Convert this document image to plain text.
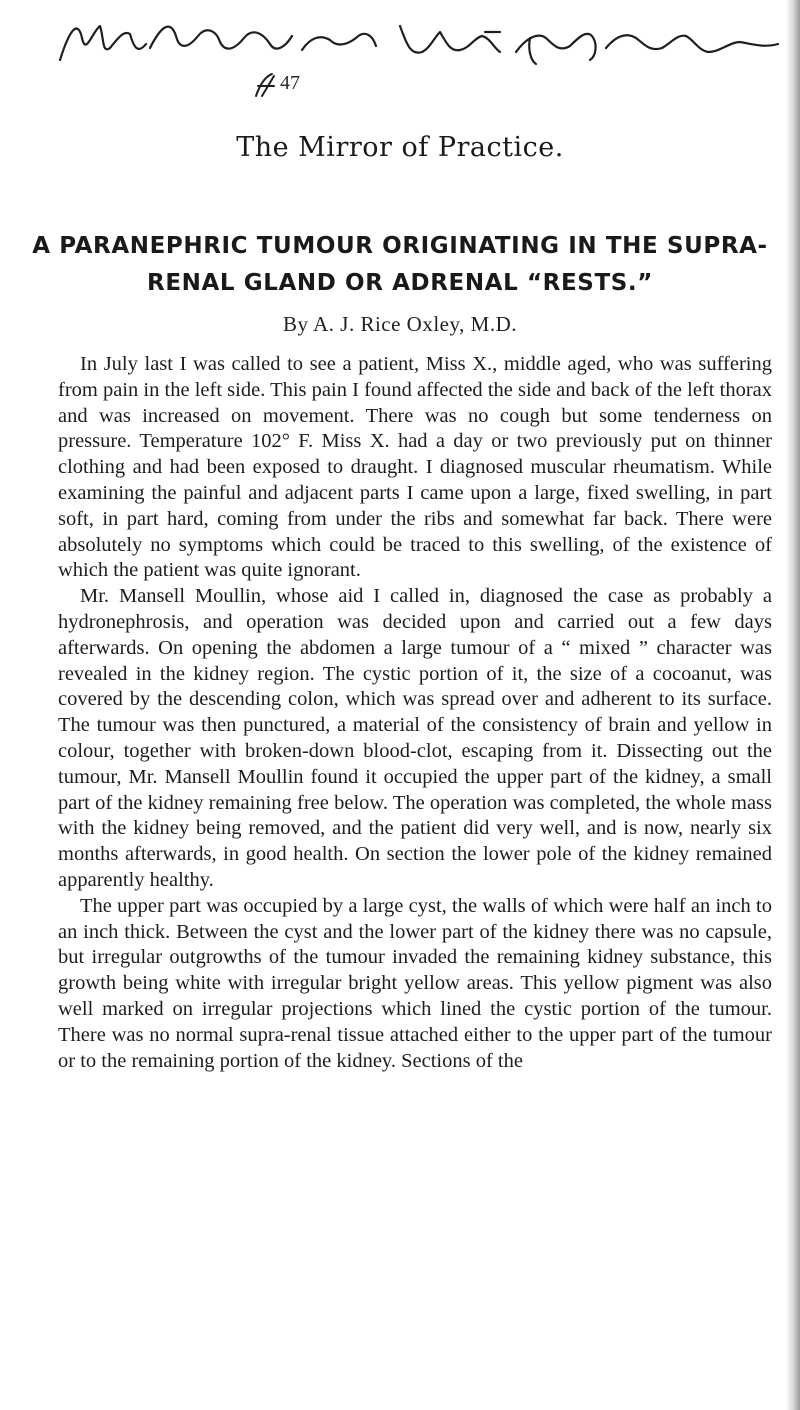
47
The Mirror of Practice.
A PARANEPHRIC TUMOUR ORIGINATING IN THE SUPRA-RENAL GLAND OR ADRENAL “RESTS.”
By A. J. Rice Oxley, M.D.

In July last I was called to see a patient, Miss X., middle aged, who was suffering from pain in the left side. This pain I found affected the side and back of the left thorax and was increased on movement. There was no cough but some tenderness on pressure. Temperature 102° F. Miss X. had a day or two previously put on thinner clothing and had been exposed to draught. I diagnosed muscular rheumatism. While examining the painful and adjacent parts I came upon a large, fixed swelling, in part soft, in part hard, coming from under the ribs and somewhat far back. There were absolutely no symptoms which could be traced to this swelling, of the existence of which the patient was quite ignorant.

Mr. Mansell Moullin, whose aid I called in, diagnosed the case as probably a hydronephrosis, and operation was decided upon and carried out a few days afterwards. On opening the abdomen a large tumour of a “ mixed ” character was revealed in the kidney region. The cystic portion of it, the size of a cocoanut, was covered by the descending colon, which was spread over and adherent to its surface. The tumour was then punctured, a material of the consistency of brain and yellow in colour, together with broken-down blood-clot, escaping from it. Dissecting out the tumour, Mr. Mansell Moullin found it occupied the upper part of the kidney, a small part of the kidney remaining free below. The operation was completed, the whole mass with the kidney being removed, and the patient did very well, and is now, nearly six months afterwards, in good health. On section the lower pole of the kidney remained apparently healthy.

The upper part was occupied by a large cyst, the walls of which were half an inch to an inch thick. Between the cyst and the lower part of the kidney there was no capsule, but irregular outgrowths of the tumour invaded the remaining kidney substance, this growth being white with irregular bright yellow areas. This yellow pigment was also well marked on irregular projections which lined the cystic portion of the tumour. There was no normal supra-renal tissue attached either to the upper part of the tumour or to the remaining portion of the kidney. Sections of the
